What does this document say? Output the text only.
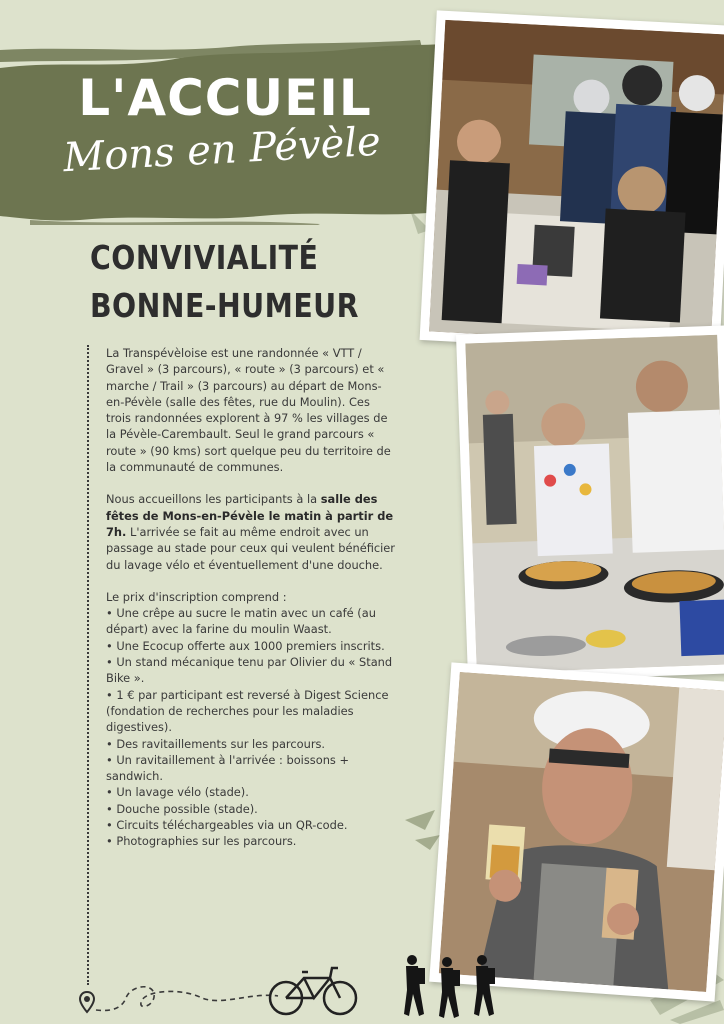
L'ACCUEIL
Mons en Pévèle
CONVIVIALITÉ
BONNE-HUMEUR

La Transpévèloise est une randonnée « VTT / Gravel » (3 parcours), « route » (3 parcours) et « marche / Trail » (3 parcours) au départ de Mons-en-Pévèle (salle des fêtes, rue du Moulin). Ces trois randonnées explorent à 97 % les villages de la Pévèle-Carembault. Seul le grand parcours « route » (90 kms) sort quelque peu du territoire de la communauté de communes.

Nous accueillons les participants à la salle des fêtes de Mons-en-Pévèle le matin à partir de 7h. L'arrivée se fait au même endroit avec un passage au stade pour ceux qui veulent bénéficier du lavage vélo et éventuellement d'une douche.

Le prix d'inscription comprend :
• Une crêpe au sucre le matin avec un café (au départ) avec la farine du moulin Waast.
• Une Ecocup offerte aux 1000 premiers inscrits.
• Un stand mécanique tenu par Olivier du « Stand Bike ».
• 1 € par participant est reversé à Digest Science (fondation de recherches pour les maladies digestives).
• Des ravitaillements sur les parcours.
• Un ravitaillement à l'arrivée : boissons + sandwich.
• Un lavage vélo (stade).
• Douche possible (stade).
• Circuits téléchargeables via un QR-code.
• Photographies sur les parcours.
